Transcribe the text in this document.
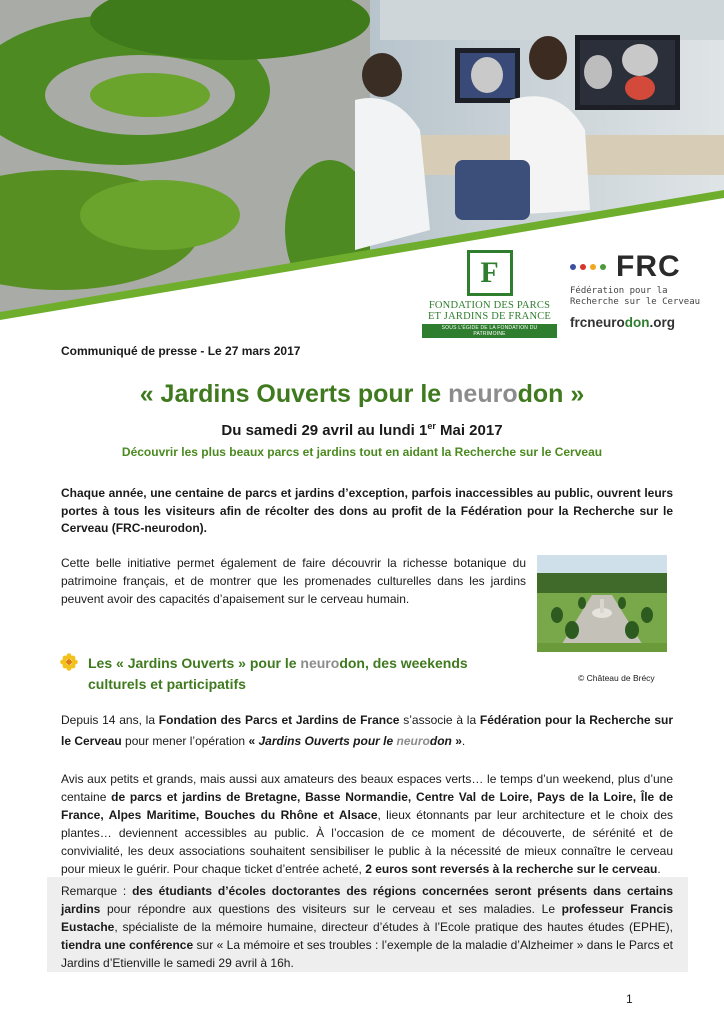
F
FONDATION DES PARCS
ET JARDINS DE FRANCE
SOUS L'ÉGIDE DE LA FONDATION DU PATRIMOINE
FRC
Fédération pour la
Recherche sur le Cerveau
frcneurodon.org
Communiqué de presse - Le 27 mars 2017
« Jardins Ouverts pour le neurodon »
Du samedi 29 avril au lundi 1er Mai 2017
Découvrir les plus beaux parcs et jardins tout en aidant la Recherche sur le Cerveau
Chaque année, une centaine de parcs et jardins d’exception, parfois inaccessibles au public, ouvrent leurs portes à tous les visiteurs afin de récolter des dons au profit de la Fédération pour la Recherche sur le Cerveau (FRC-neurodon).
Cette belle initiative permet également de faire découvrir la richesse botanique du patrimoine français, et de montrer que les promenades culturelles dans les jardins peuvent avoir des capacités d’apaisement sur le cerveau humain.
© Château de Brécy
Les « Jardins Ouverts » pour le neurodon, des weekends
culturels et participatifs
Depuis 14 ans, la Fondation des Parcs et Jardins de France s’associe à la Fédération pour la Recherche sur le Cerveau pour mener l’opération « Jardins Ouverts pour le neurodon ».
Avis aux petits et grands, mais aussi aux amateurs des beaux espaces verts… le temps d’un weekend, plus d’une centaine de parcs et jardins de Bretagne, Basse Normandie, Centre Val de Loire, Pays de la Loire, Île de France, Alpes Maritime, Bouches du Rhône et Alsace, lieux étonnants par leur architecture et le choix des plantes… deviennent accessibles au public. À l’occasion de ce moment de découverte, de sérénité et de convivialité, les deux associations souhaitent sensibiliser le public à la nécessité de mieux connaître le cerveau pour mieux le guérir. Pour chaque ticket d’entrée acheté, 2 euros sont reversés à la recherche sur le cerveau.
Remarque : des étudiants d’écoles doctorantes des régions concernées seront présents dans certains jardins pour répondre aux questions des visiteurs sur le cerveau et ses maladies. Le professeur Francis Eustache, spécialiste de la mémoire humaine, directeur d’études à l’Ecole pratique des hautes études (EPHE), tiendra une conférence sur « La mémoire et ses troubles : l’exemple de la maladie d’Alzheimer » dans le Parcs et Jardins d’Etienville le samedi 29 avril à 16h.
1
